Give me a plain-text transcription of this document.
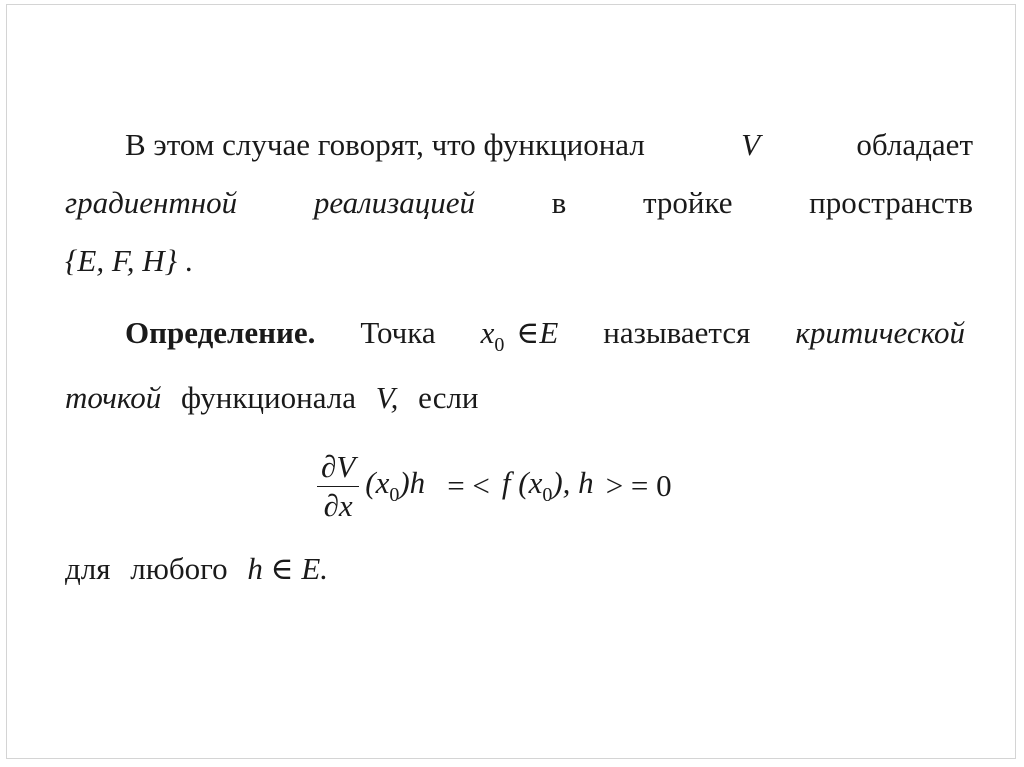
В этом случае говорят, что функционал	V	обладает
градиентной реализацией в тройке пространств
{E, F, H} .
Определение. Точка $x_0$ ∈E называется критической
точкой функционала V, если
$\frac{\partial V}{\partial x} (x_0)h$ = < f $(x_0)$, h > = 0
для любого h ∈ E.
